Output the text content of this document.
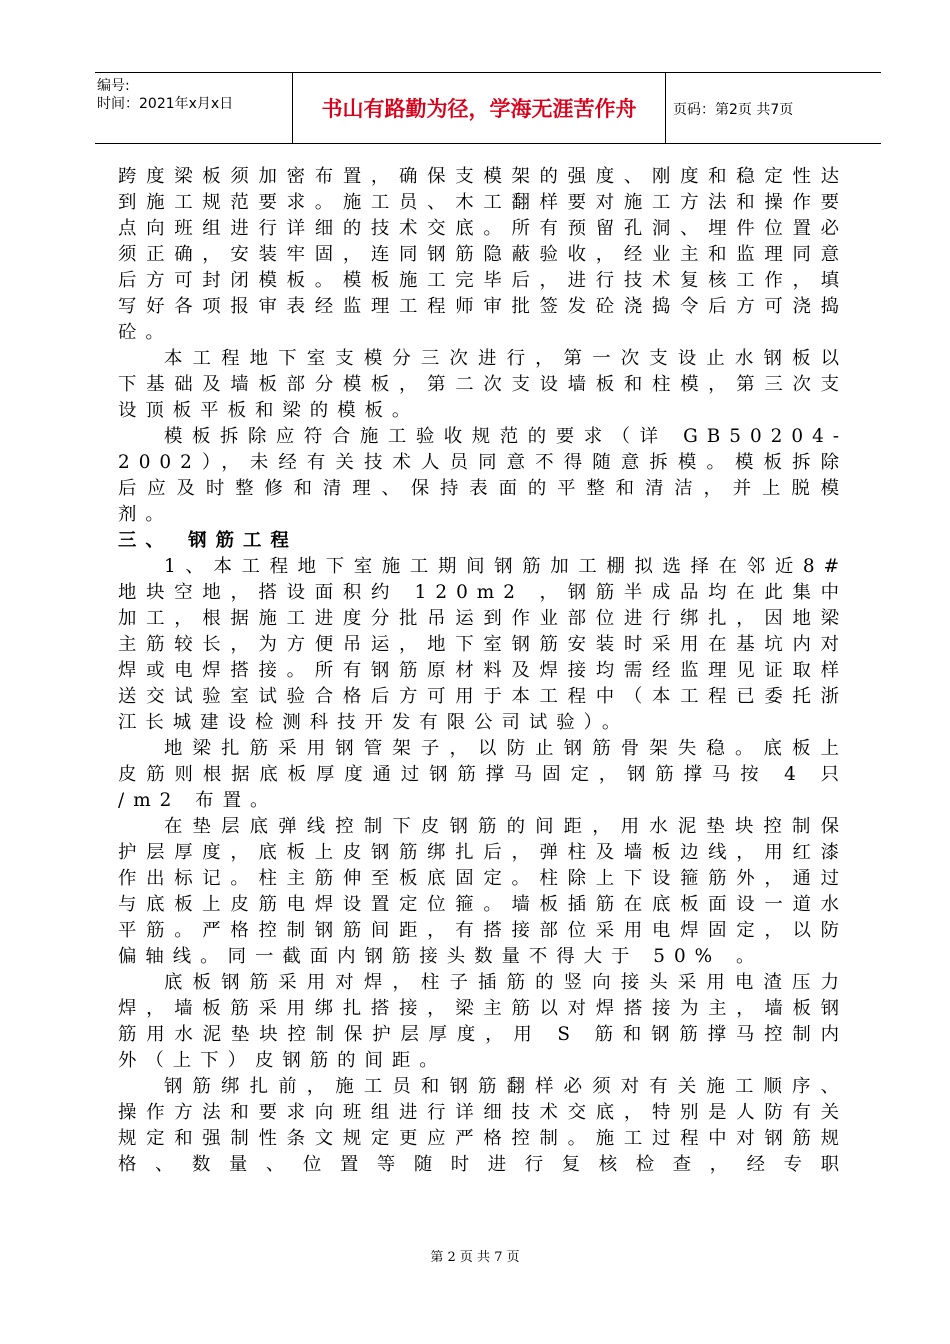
编号:
时间：2021年x月x日	书山有路勤为径，学海无涯苦作舟	页码：第2页 共7页

跨度梁板须加密布置，确保支模架的强度、刚度和稳定性达到施工规范要求。施工员、木工翻样要对施工方法和操作要点向班组进行详细的技术交底。所有预留孔洞、埋件位置必须正确，安装牢固，连同钢筋隐蔽验收，经业主和监理同意后方可封闭模板。模板施工完毕后，进行技术复核工作，填写好各项报审表经监理工程师审批签发砼浇捣令后方可浇捣砼。

本工程地下室支模分三次进行，第一次支设止水钢板以下基础及墙板部分模板，第二次支设墙板和柱模，第三次支设顶板平板和梁的模板。

模板拆除应符合施工验收规范的要求（详 GB50204-2002），未经有关技术人员同意不得随意拆模。模板拆除后应及时整修和清理、保持表面的平整和清洁，并上脱模剂。

三、 钢筋工程

1、本工程地下室施工期间钢筋加工棚拟选择在邻近8# 地块空地，搭设面积约 120m2 ，钢筋半成品均在此集中加工，根据施工进度分批吊运到作业部位进行绑扎，因地梁主筋较长，为方便吊运，地下室钢筋安装时采用在基坑内对焊或电焊搭接。所有钢筋原材料及焊接均需经监理见证取样送交试验室试验合格后方可用于本工程中（本工程已委托浙江长城建设检测科技开发有限公司试验）。

地梁扎筋采用钢管架子，以防止钢筋骨架失稳。底板上皮筋则根据底板厚度通过钢筋撑马固定，钢筋撑马按 4 只 /m2 布置。

在垫层底弹线控制下皮钢筋的间距，用水泥垫块控制保护层厚度，底板上皮钢筋绑扎后，弹柱及墙板边线，用红漆作出标记。柱主筋伸至板底固定。柱除上下设箍筋外，通过与底板上皮筋电焊设置定位箍。墙板插筋在底板面设一道水平筋。严格控制钢筋间距，有搭接部位采用电焊固定，以防偏轴线。同一截面内钢筋接头数量不得大于 50% 。

底板钢筋采用对焊，柱子插筋的竖向接头采用电渣压力焊，墙板筋采用绑扎搭接，梁主筋以对焊搭接为主，墙板钢筋用水泥垫块控制保护层厚度，用 S 筋和钢筋撑马控制内外（上下）皮钢筋的间距。

钢筋绑扎前，施工员和钢筋翻样必须对有关施工顺序、操作方法和要求向班组进行详细技术交底，特别是人防有关规定和强制性条文规定更应严格控制。施工过程中对钢筋规格、数量、位置等随时进行复核检查，经专职

第 2 页 共 7 页
